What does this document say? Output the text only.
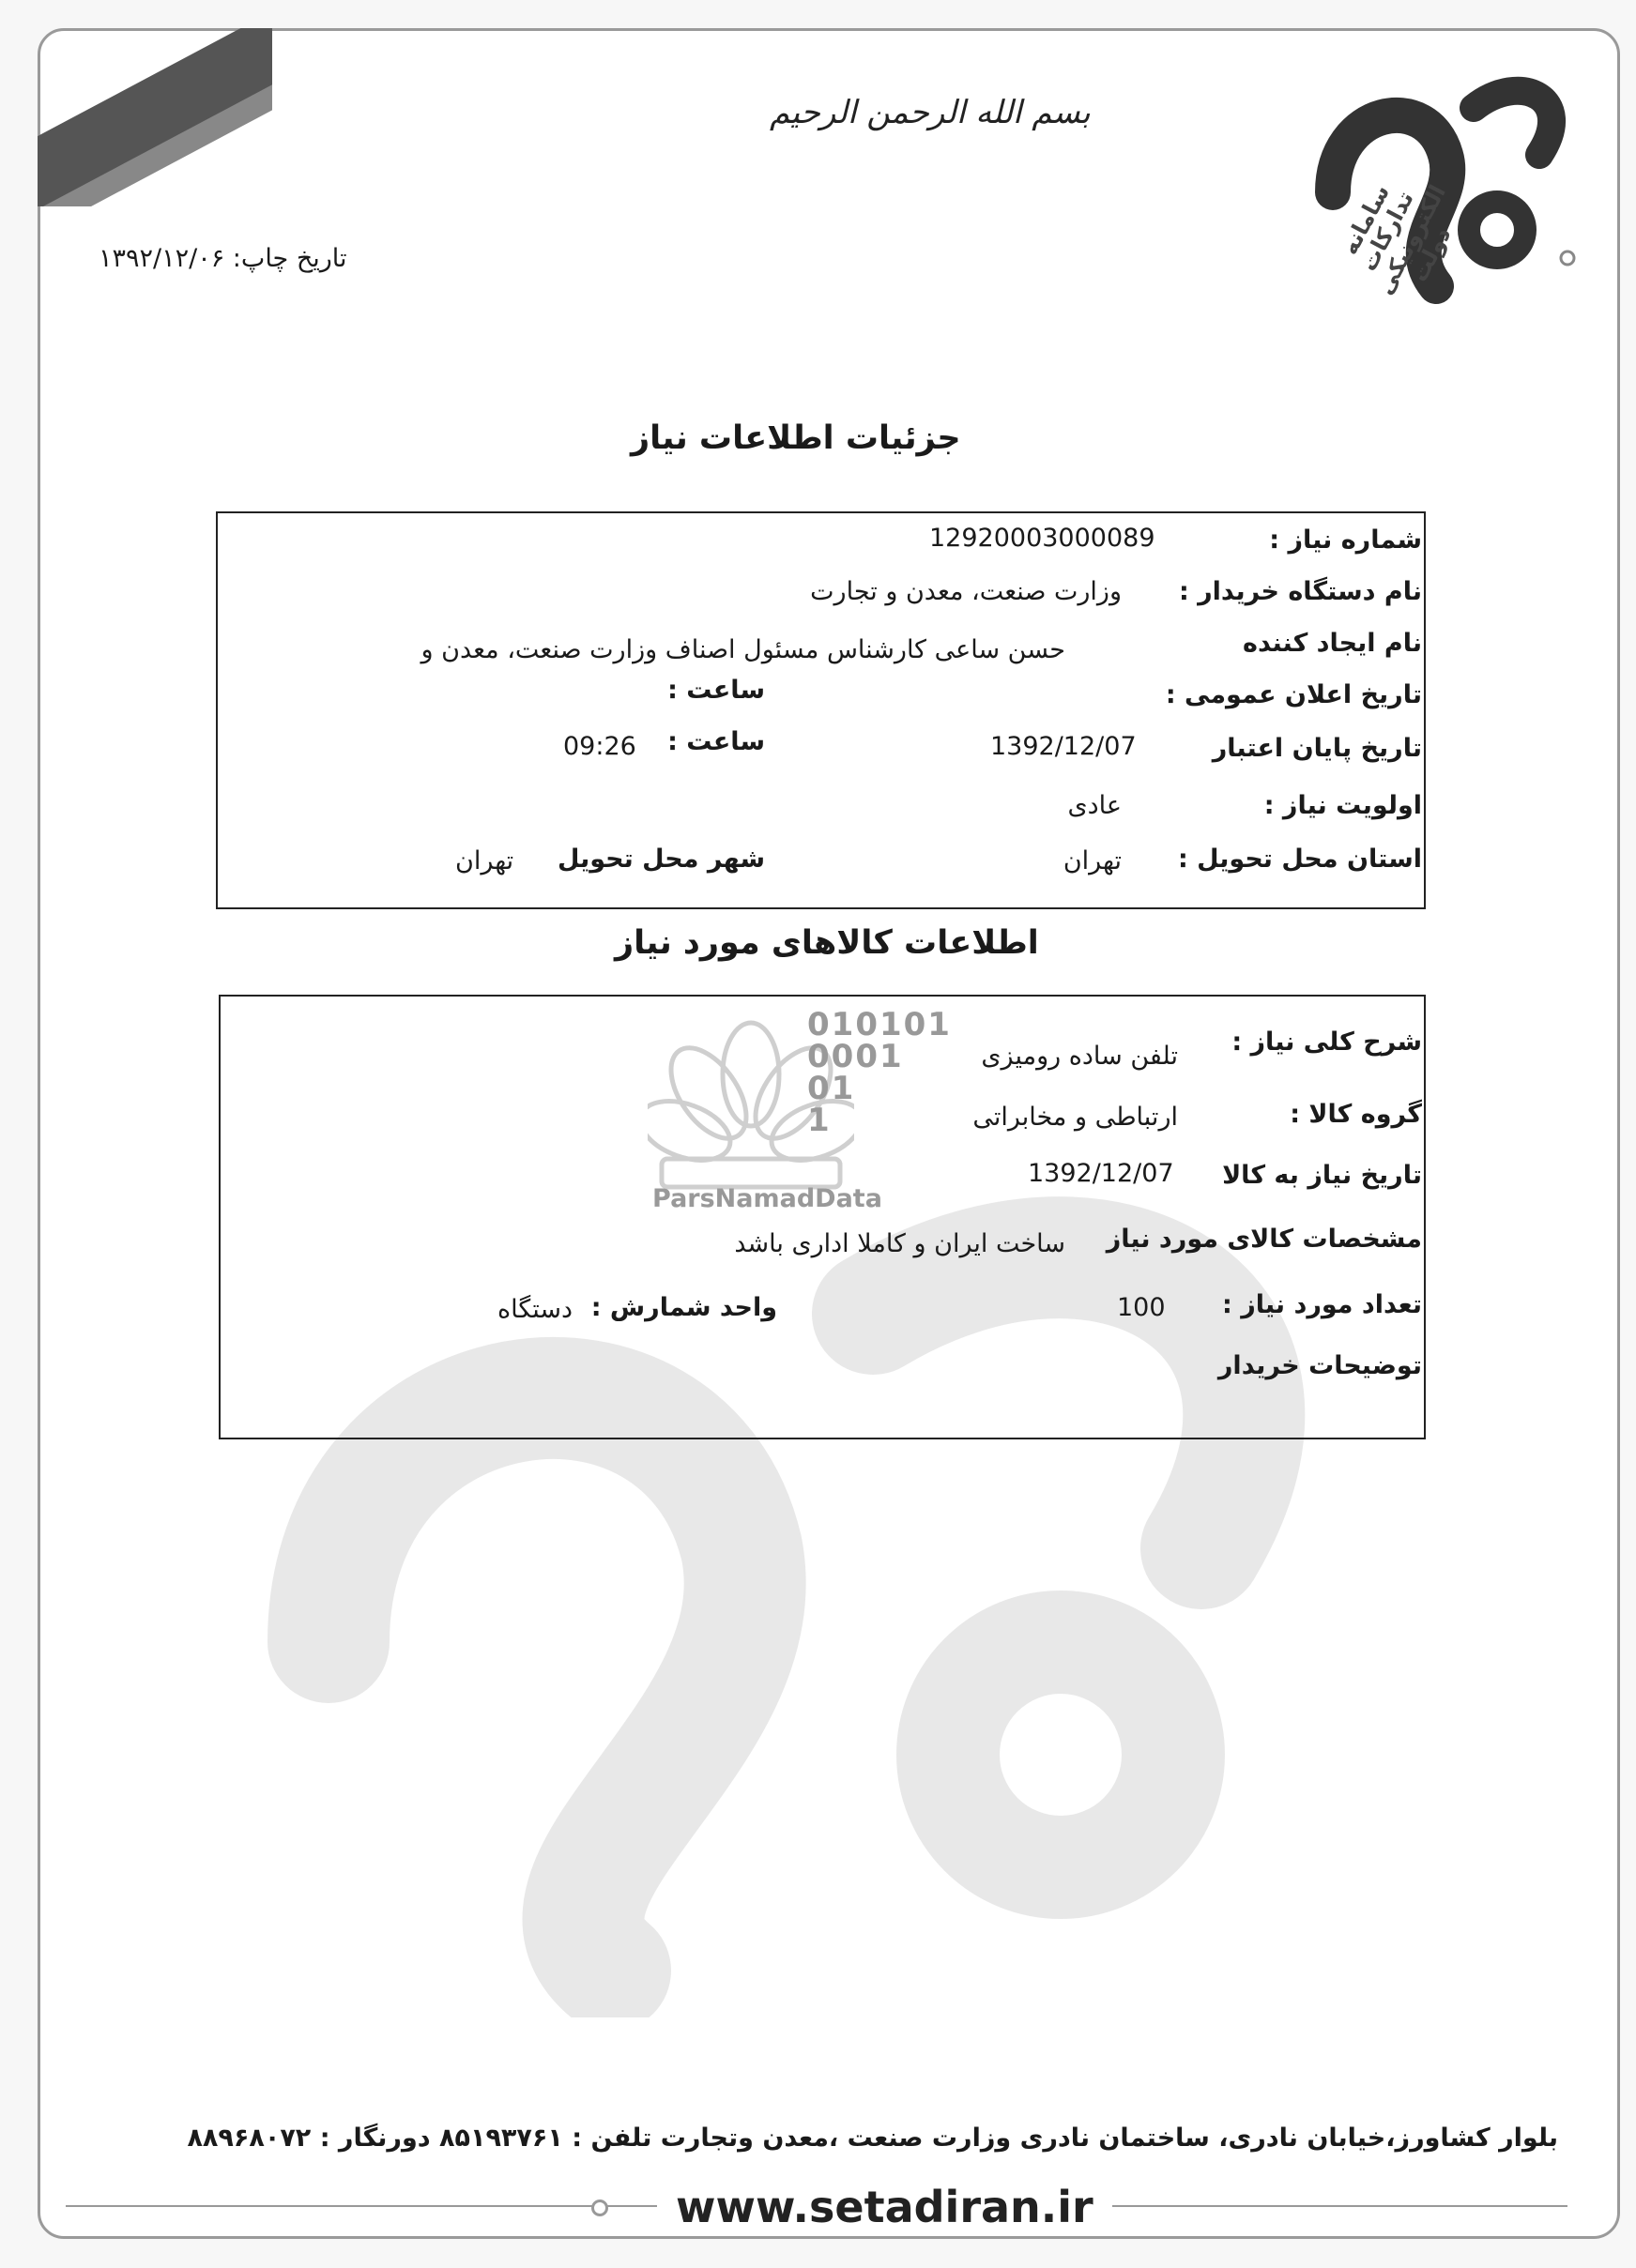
☫
بسم الله الرحمن الرحیم
سامانه تدارکات الکترونیکی دولت
تاریخ چاپ: ۱۳۹۲/۱۲/۰۶
جزئیات اطلاعات نیاز
شماره نیاز :
12920003000089
نام دستگاه خریدار :
وزارت صنعت، معدن و تجارت
نام ایجاد کننده
حسن ساعی کارشناس مسئول اصناف وزارت صنعت، معدن و
تاریخ اعلان عمومی :
ساعت :
تاریخ پایان اعتبار
1392/12/07
ساعت :
09:26
اولویت نیاز :
عادی
استان محل تحویل :
تهران
شهر محل تحویل
تهران
اطلاعات کالاهای مورد نیاز
010101
0001
01
1
ParsNamadData
شرح کلی نیاز :
تلفن ساده رومیزی
گروه کالا :
ارتباطی و مخابراتی
تاریخ نیاز به کالا
1392/12/07
مشخصات کالای مورد نیاز
ساخت ایران و کاملا اداری باشد
تعداد مورد نیاز :
100
واحد شمارش :
دستگاه
توضیحات خریدار
بلوار کشاورز،خیابان نادری، ساختمان نادری وزارت صنعت ،معدن وتجارت تلفن : ۸۵۱۹۳۷۶۱ دورنگار : ۸۸۹۶۸۰۷۲
www.setadiran.ir
